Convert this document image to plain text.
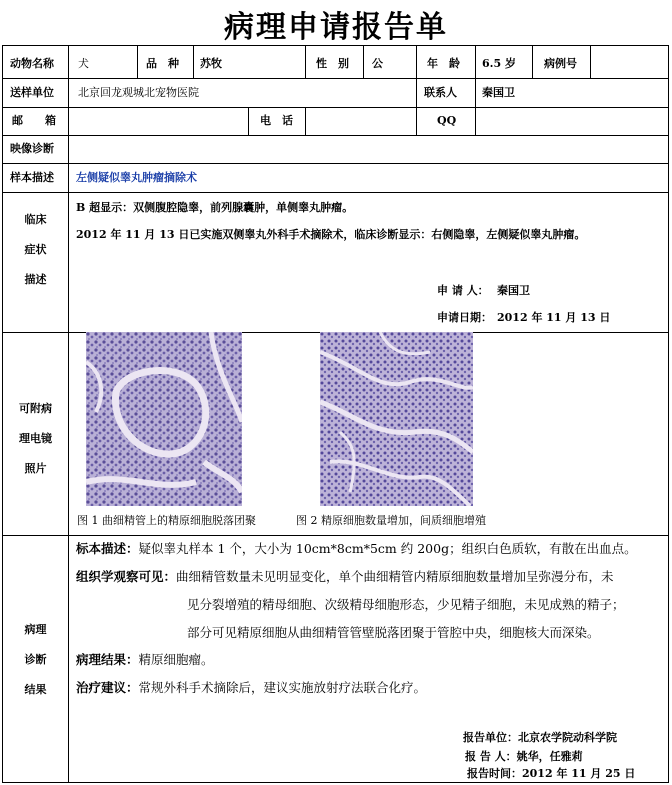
病理申请报告单
动物名称 犬	品　种 苏牧	性　别 公	年　龄 6.5 岁	病例号
送样单位 北京回龙观城北宠物医院	联系人 秦国卫
邮　　箱	电　话	QQ
映像诊断
样本描述 左侧疑似睾丸肿瘤摘除术
临床
症状
描述
B 超显示：双侧腹腔隐睾，前列腺囊肿，单侧睾丸肿瘤。
2012 年 11 月 13 日已实施双侧睾丸外科手术摘除术，临床诊断显示：右侧隐睾，左侧疑似睾丸肿瘤。
申 请 人： 秦国卫
申请日期： 2012 年 11 月 13 日
可附病
理电镜
照片
图 1 曲细精管上的精原细胞脱落团聚	图 2 精原细胞数量增加，间质细胞增殖
病理
诊断
结果
标本描述：疑似睾丸样本 1 个，大小为 10cm*8cm*5cm 约 200g；组织白色质软，有散在出血点。
组织学观察可见：曲细精管数量未见明显变化，单个曲细精管内精原细胞数量增加呈弥漫分布，未
见分裂增殖的精母细胞、次级精母细胞形态，少见精子细胞，未见成熟的精子；
部分可见精原细胞从曲细精管管壁脱落团聚于管腔中央，细胞核大而深染。
病理结果：精原细胞瘤。
治疗建议：常规外科手术摘除后，建议实施放射疗法联合化疗。
报告单位：北京农学院动科学院
报 告 人：姚华，任雅莉
报告时间：2012 年 11 月 25 日
